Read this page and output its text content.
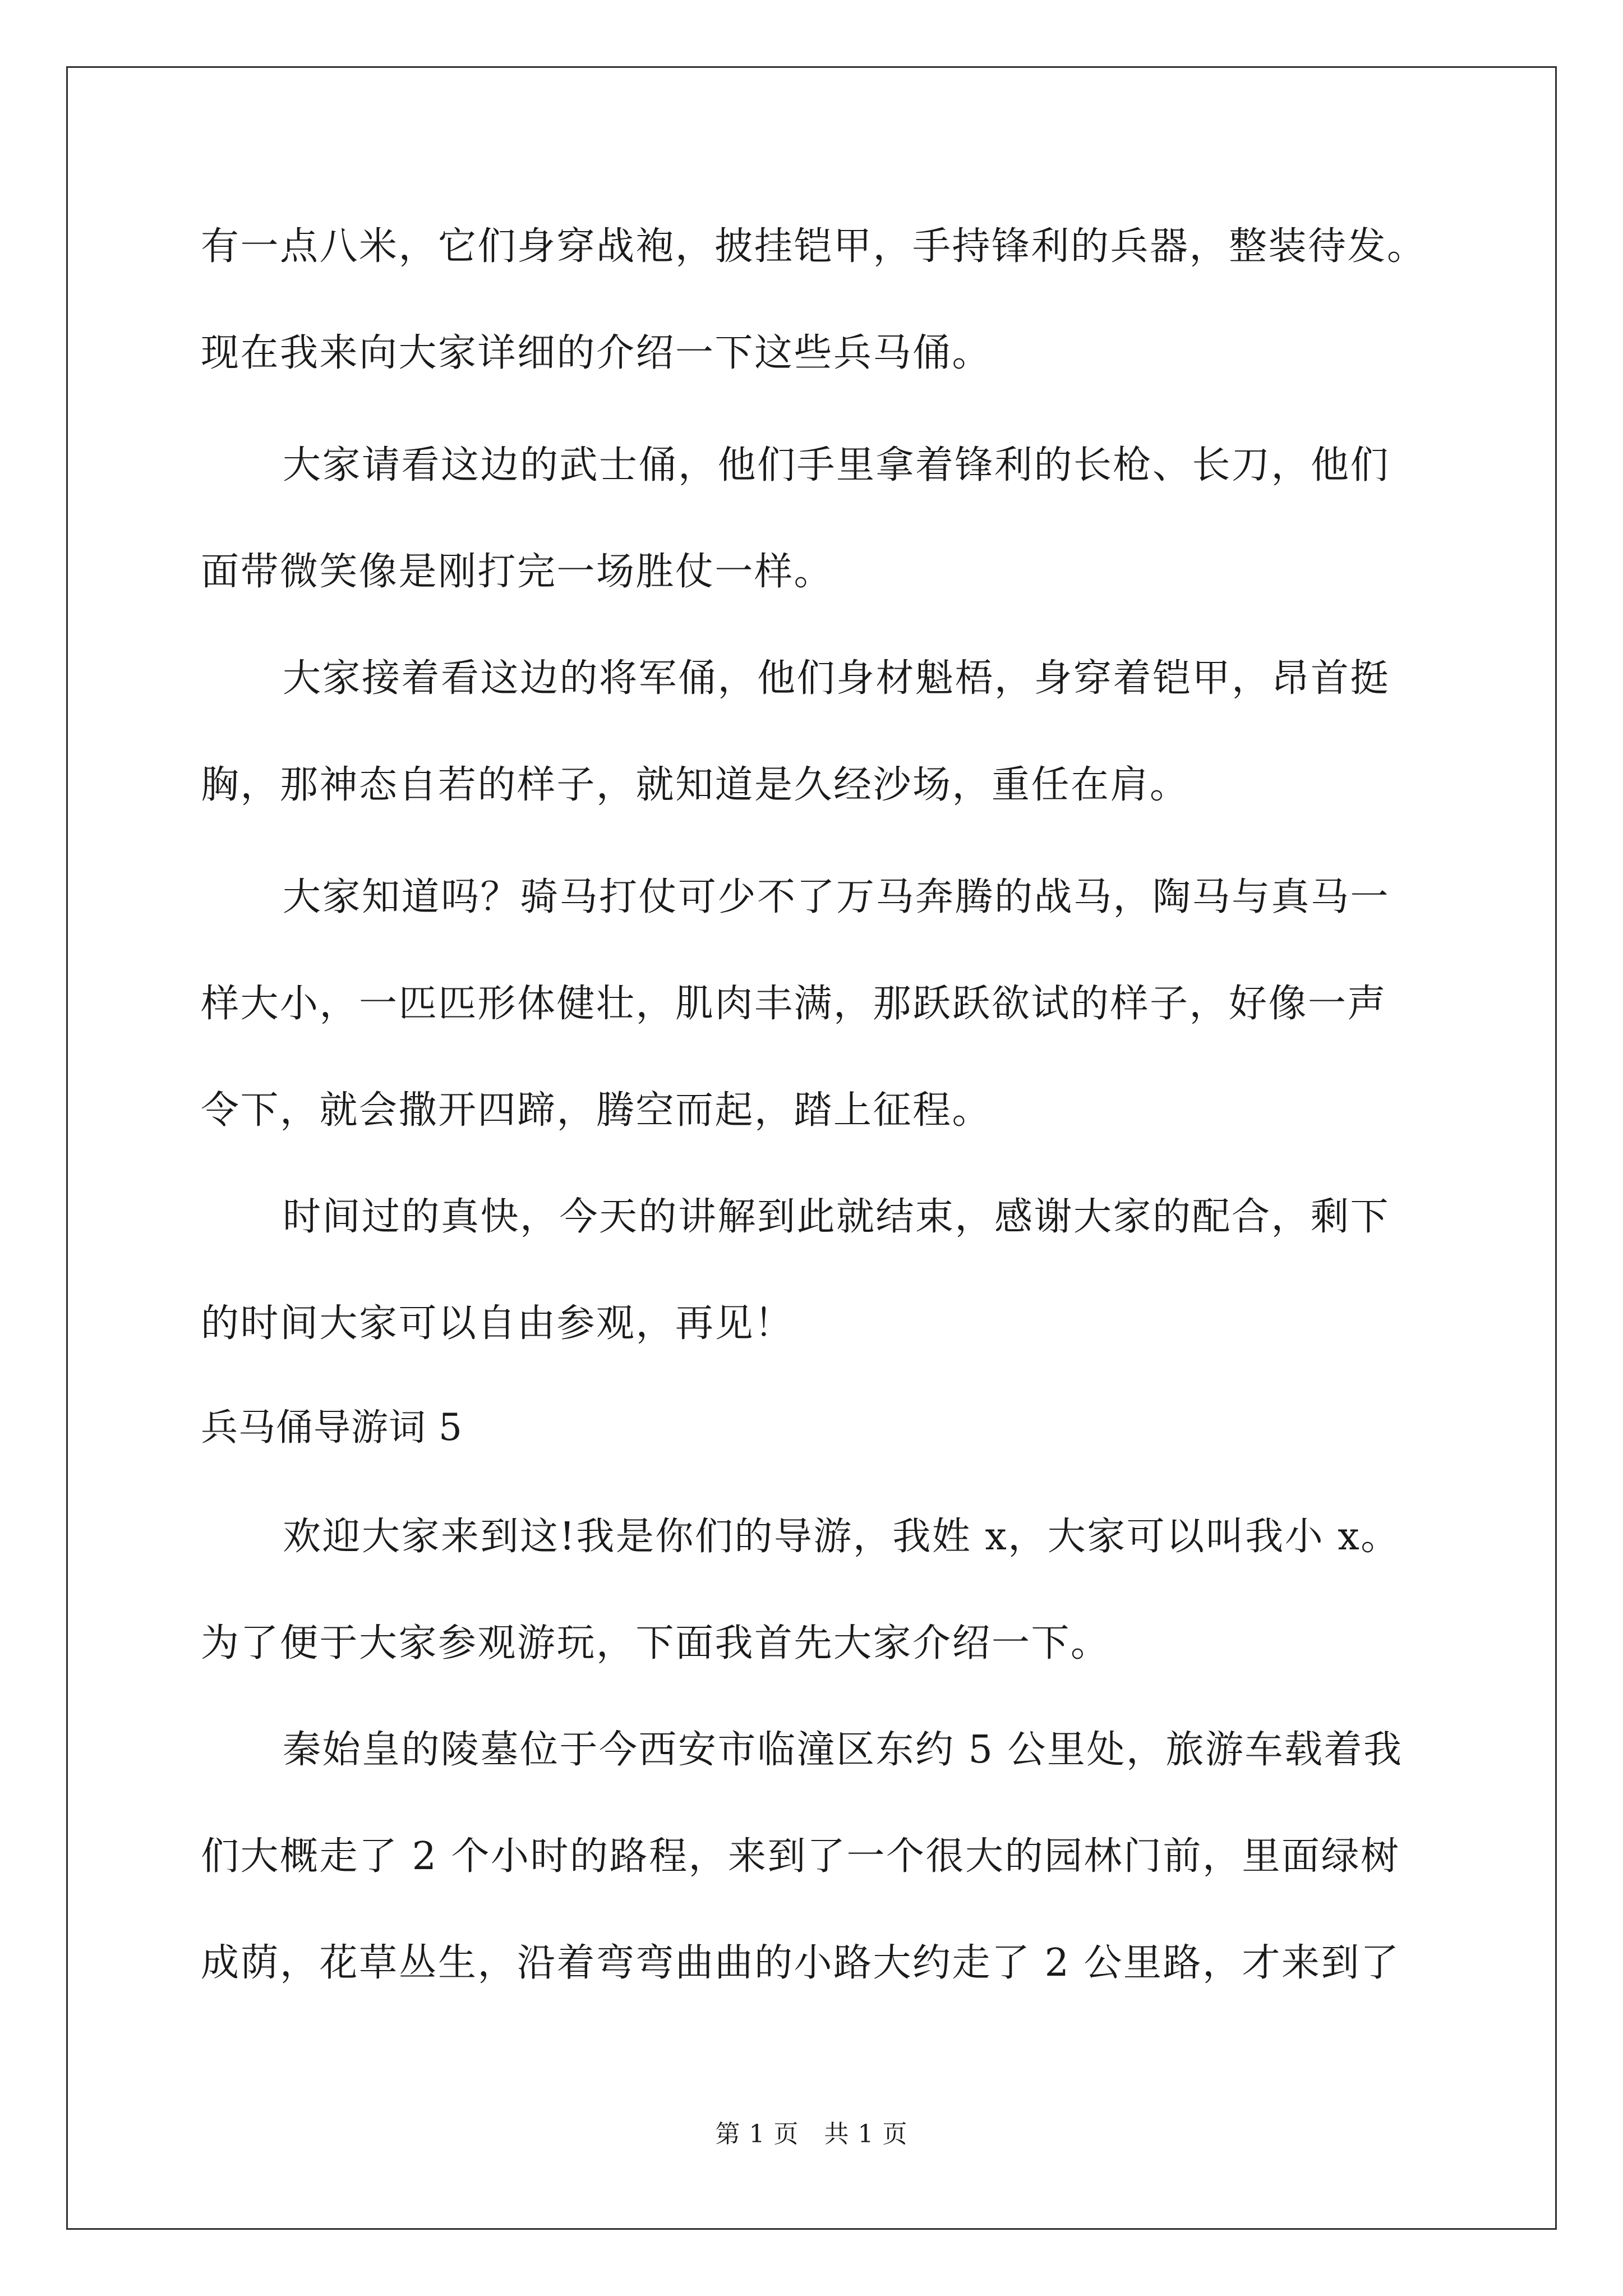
有一点八米，它们身穿战袍，披挂铠甲，手持锋利的兵器，整装待发。
现在我来向大家详细的介绍一下这些兵马俑。
大家请看这边的武士俑，他们手里拿着锋利的长枪、长刀，他们
面带微笑像是刚打完一场胜仗一样。
大家接着看这边的将军俑，他们身材魁梧，身穿着铠甲，昂首挺
胸，那神态自若的样子，就知道是久经沙场，重任在肩。
大家知道吗？骑马打仗可少不了万马奔腾的战马，陶马与真马一
样大小，一匹匹形体健壮，肌肉丰满，那跃跃欲试的样子，好像一声
令下，就会撒开四蹄，腾空而起，踏上征程。
时间过的真快，今天的讲解到此就结束，感谢大家的配合，剩下
的时间大家可以自由参观，再见！
兵马俑导游词 5
欢迎大家来到这!我是你们的导游，我姓 x，大家可以叫我小 x。
为了便于大家参观游玩，下面我首先大家介绍一下。
秦始皇的陵墓位于今西安市临潼区东约 5 公里处，旅游车载着我
们大概走了 2 个小时的路程，来到了一个很大的园林门前，里面绿树
成荫，花草丛生，沿着弯弯曲曲的小路大约走了 2 公里路，才来到了
第 1 页　共 1 页
